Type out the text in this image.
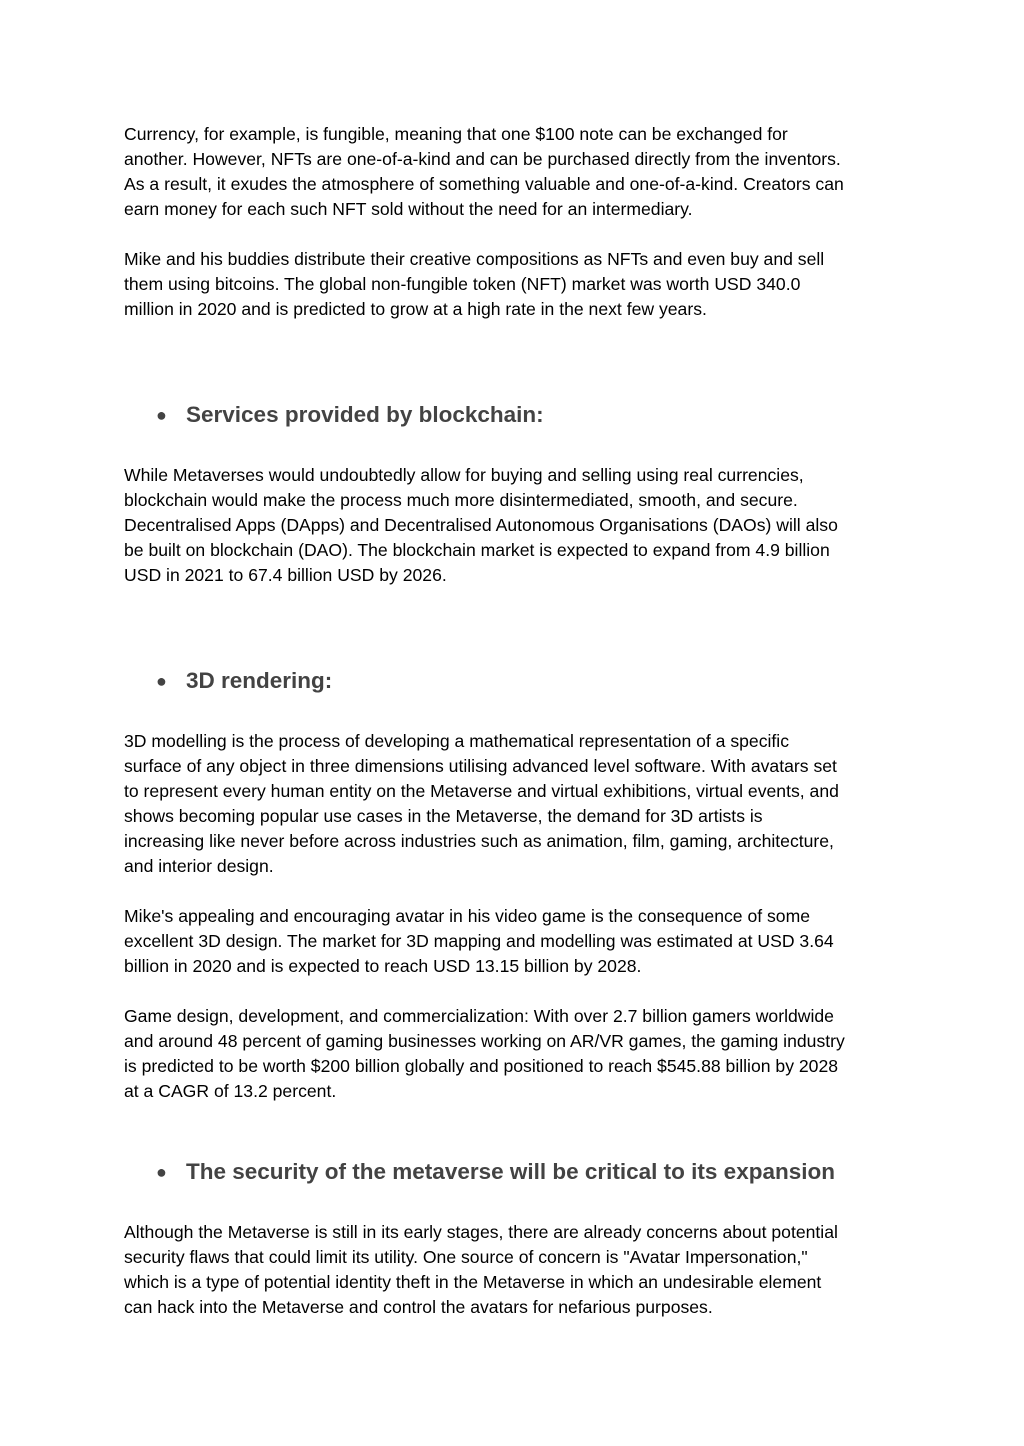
Currency, for example, is fungible, meaning that one $100 note can be exchanged for
another. However, NFTs are one-of-a-kind and can be purchased directly from the inventors.
As a result, it exudes the atmosphere of something valuable and one-of-a-kind. Creators can
earn money for each such NFT sold without the need for an intermediary.

Mike and his buddies distribute their creative compositions as NFTs and even buy and sell
them using bitcoins. The global non-fungible token (NFT) market was worth USD 340.0
million in 2020 and is predicted to grow at a high rate in the next few years.

● Services provided by blockchain:

While Metaverses would undoubtedly allow for buying and selling using real currencies,
blockchain would make the process much more disintermediated, smooth, and secure.
Decentralised Apps (DApps) and Decentralised Autonomous Organisations (DAOs) will also
be built on blockchain (DAO). The blockchain market is expected to expand from 4.9 billion
USD in 2021 to 67.4 billion USD by 2026.

● 3D rendering:

3D modelling is the process of developing a mathematical representation of a specific
surface of any object in three dimensions utilising advanced level software. With avatars set
to represent every human entity on the Metaverse and virtual exhibitions, virtual events, and
shows becoming popular use cases in the Metaverse, the demand for 3D artists is
increasing like never before across industries such as animation, film, gaming, architecture,
and interior design.

Mike's appealing and encouraging avatar in his video game is the consequence of some
excellent 3D design. The market for 3D mapping and modelling was estimated at USD 3.64
billion in 2020 and is expected to reach USD 13.15 billion by 2028.

Game design, development, and commercialization: With over 2.7 billion gamers worldwide
and around 48 percent of gaming businesses working on AR/VR games, the gaming industry
is predicted to be worth $200 billion globally and positioned to reach $545.88 billion by 2028
at a CAGR of 13.2 percent.

● The security of the metaverse will be critical to its expansion

Although the Metaverse is still in its early stages, there are already concerns about potential
security flaws that could limit its utility. One source of concern is "Avatar Impersonation,"
which is a type of potential identity theft in the Metaverse in which an undesirable element
can hack into the Metaverse and control the avatars for nefarious purposes.
